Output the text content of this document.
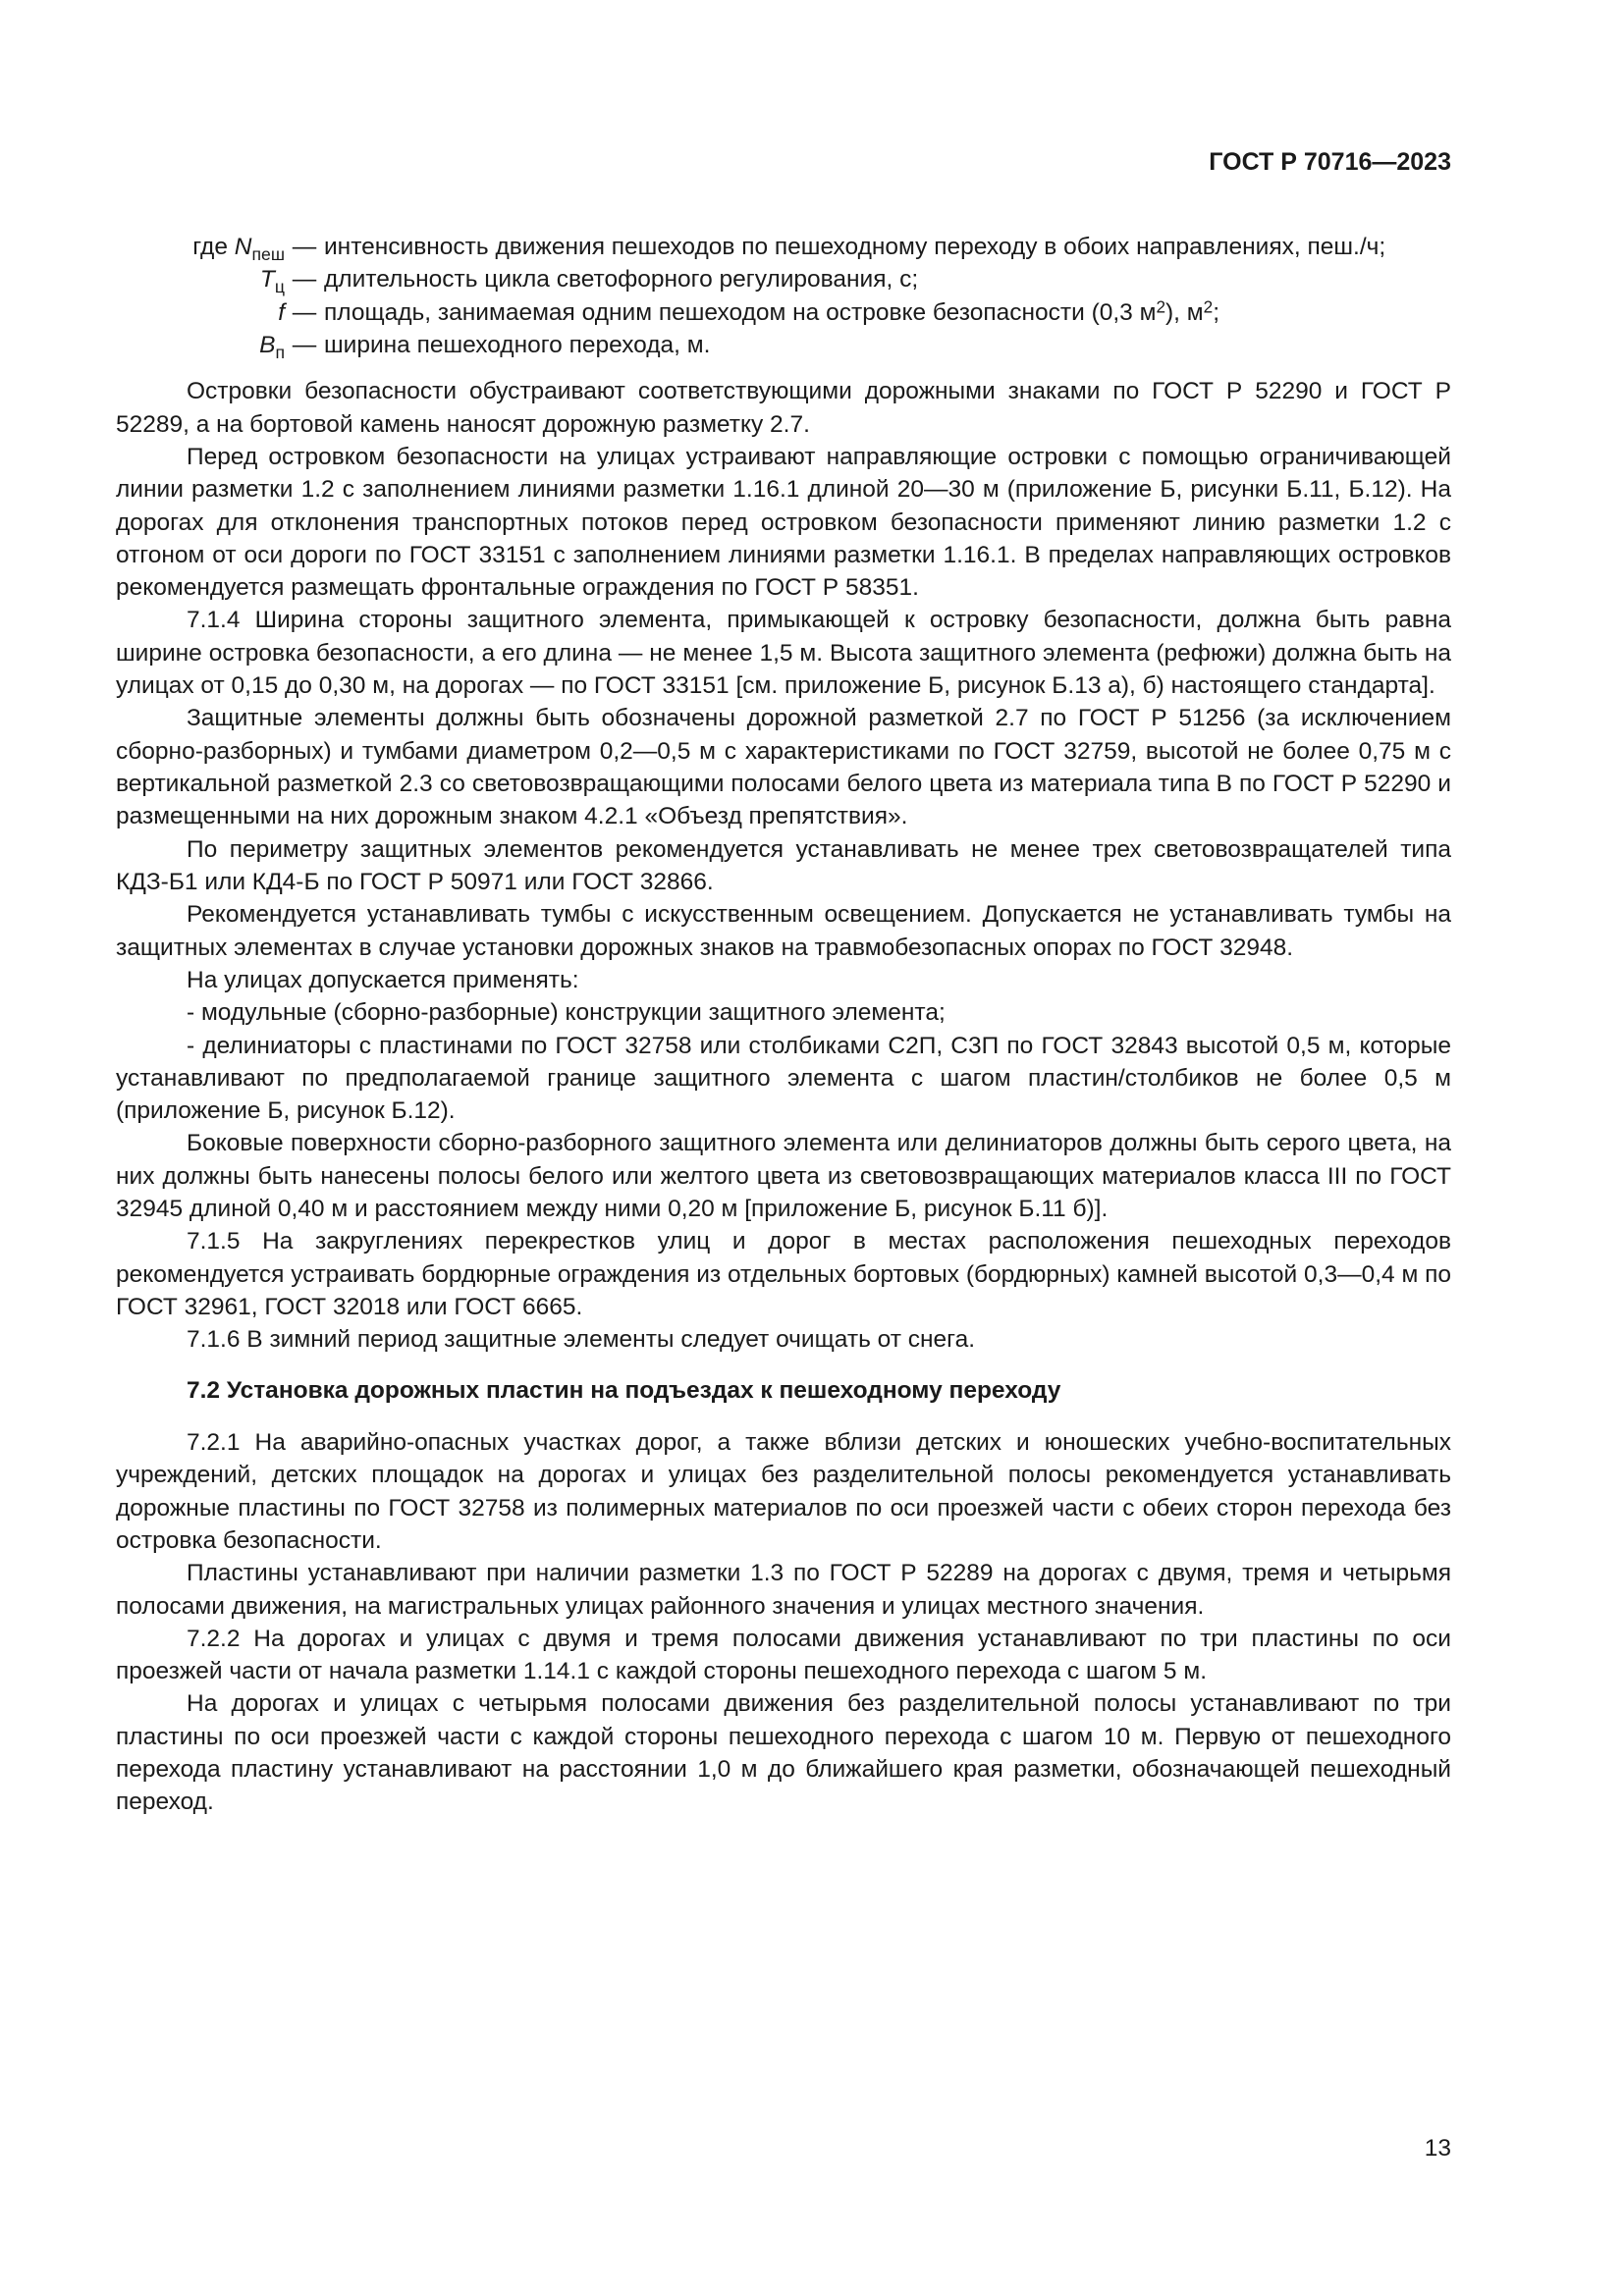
ГОСТ Р 70716—2023
где $N_{пеш}$ — интенсивность движения пешеходов по пешеходному переходу в обоих направлениях, пеш./ч;
$T_ц$ — длительность цикла светофорного регулирования, с;
f — площадь, занимаемая одним пешеходом на островке безопасности (0,3 $м^2$), $м^2$;
$B_п$ — ширина пешеходного перехода, м.

Островки безопасности обустраивают соответствующими дорожными знаками по ГОСТ Р 52290 и ГОСТ Р 52289, а на бортовой камень наносят дорожную разметку 2.7.

Перед островком безопасности на улицах устраивают направляющие островки с помощью ограничивающей линии разметки 1.2 с заполнением линиями разметки 1.16.1 длиной 20—30 м (приложение Б, рисунки Б.11, Б.12). На дорогах для отклонения транспортных потоков перед островком безопасности применяют линию разметки 1.2 с отгоном от оси дороги по ГОСТ 33151 с заполнением линиями разметки 1.16.1. В пределах направляющих островков рекомендуется размещать фронтальные ограждения по ГОСТ Р 58351.

7.1.4 Ширина стороны защитного элемента, примыкающей к островку безопасности, должна быть равна ширине островка безопасности, а его длина — не менее 1,5 м. Высота защитного элемента (рефюжи) должна быть на улицах от 0,15 до 0,30 м, на дорогах — по ГОСТ 33151 [см. приложение Б, рисунок Б.13 а), б) настоящего стандарта].

Защитные элементы должны быть обозначены дорожной разметкой 2.7 по ГОСТ Р 51256 (за исключением сборно-разборных) и тумбами диаметром 0,2—0,5 м с характеристиками по ГОСТ 32759, высотой не более 0,75 м с вертикальной разметкой 2.3 со световозвращающими полосами белого цвета из материала типа В по ГОСТ Р 52290 и размещенными на них дорожным знаком 4.2.1 «Объезд препятствия».

По периметру защитных элементов рекомендуется устанавливать не менее трех световозвращателей типа КДЗ-Б1 или КД4-Б по ГОСТ Р 50971 или ГОСТ 32866.

Рекомендуется устанавливать тумбы с искусственным освещением. Допускается не устанавливать тумбы на защитных элементах в случае установки дорожных знаков на травмобезопасных опорах по ГОСТ 32948.

На улицах допускается применять:

- модульные (сборно-разборные) конструкции защитного элемента;

- делиниаторы с пластинами по ГОСТ 32758 или столбиками С2П, С3П по ГОСТ 32843 высотой 0,5 м, которые устанавливают по предполагаемой границе защитного элемента с шагом пластин/столбиков не более 0,5 м (приложение Б, рисунок Б.12).

Боковые поверхности сборно-разборного защитного элемента или делиниаторов должны быть серого цвета, на них должны быть нанесены полосы белого или желтого цвета из световозвращающих материалов класса III по ГОСТ 32945 длиной 0,40 м и расстоянием между ними 0,20 м [приложение Б, рисунок Б.11 б)].

7.1.5 На закруглениях перекрестков улиц и дорог в местах расположения пешеходных переходов рекомендуется устраивать бордюрные ограждения из отдельных бортовых (бордюрных) камней высотой 0,3—0,4 м по ГОСТ 32961, ГОСТ 32018 или ГОСТ 6665.

7.1.6 В зимний период защитные элементы следует очищать от снега.

7.2 Установка дорожных пластин на подъездах к пешеходному переходу

7.2.1 На аварийно-опасных участках дорог, а также вблизи детских и юношеских учебно-воспитательных учреждений, детских площадок на дорогах и улицах без разделительной полосы рекомендуется устанавливать дорожные пластины по ГОСТ 32758 из полимерных материалов по оси проезжей части с обеих сторон перехода без островка безопасности.

Пластины устанавливают при наличии разметки 1.3 по ГОСТ Р 52289 на дорогах с двумя, тремя и четырьмя полосами движения, на магистральных улицах районного значения и улицах местного значения.

7.2.2 На дорогах и улицах с двумя и тремя полосами движения устанавливают по три пластины по оси проезжей части от начала разметки 1.14.1 с каждой стороны пешеходного перехода с шагом 5 м.

На дорогах и улицах с четырьмя полосами движения без разделительной полосы устанавливают по три пластины по оси проезжей части с каждой стороны пешеходного перехода с шагом 10 м. Первую от пешеходного перехода пластину устанавливают на расстоянии 1,0 м до ближайшего края разметки, обозначающей пешеходный переход.

13
